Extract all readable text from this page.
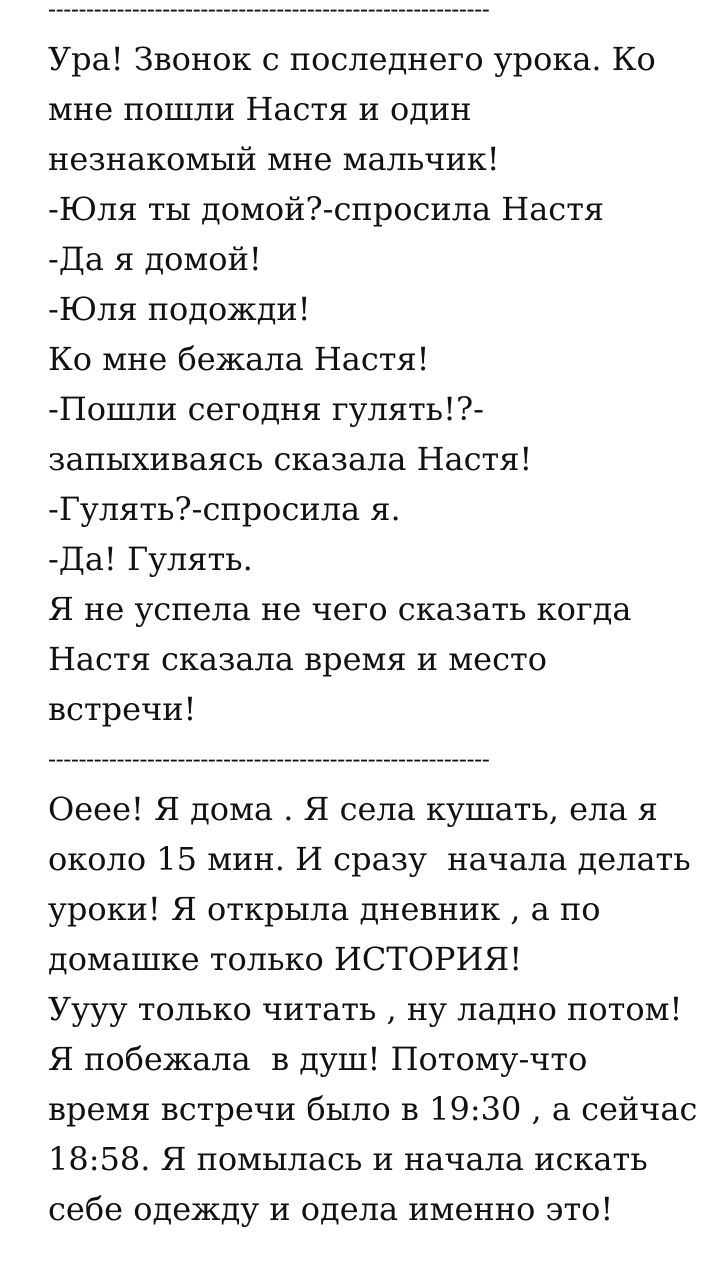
----------------------------------------------------------
Ура! Звонок с последнего урока. Ко
мне пошли Настя и один
незнакомый мне мальчик!
-Юля ты домой?-спросила Настя
-Да я домой!
-Юля подожди!
Ко мне бежала Настя!
-Пошли сегодня гулять!?-
запыхиваясь сказала Настя!
-Гулять?-спросила я.
-Да! Гулять.
Я не успела не чего сказать когда
Настя сказала время и место
встречи!
----------------------------------------------------------
Оеее! Я дома . Я села кушать, ела я
около 15 мин. И сразу  начала делать
уроки! Я открыла дневник , а по
домашке только ИСТОРИЯ!
Уууу только читать , ну ладно потом!
Я побежала  в душ! Потому-что
время встречи было в 19:30 , а сейчас
18:58. Я помылась и начала искать
себе одежду и одела именно это!
